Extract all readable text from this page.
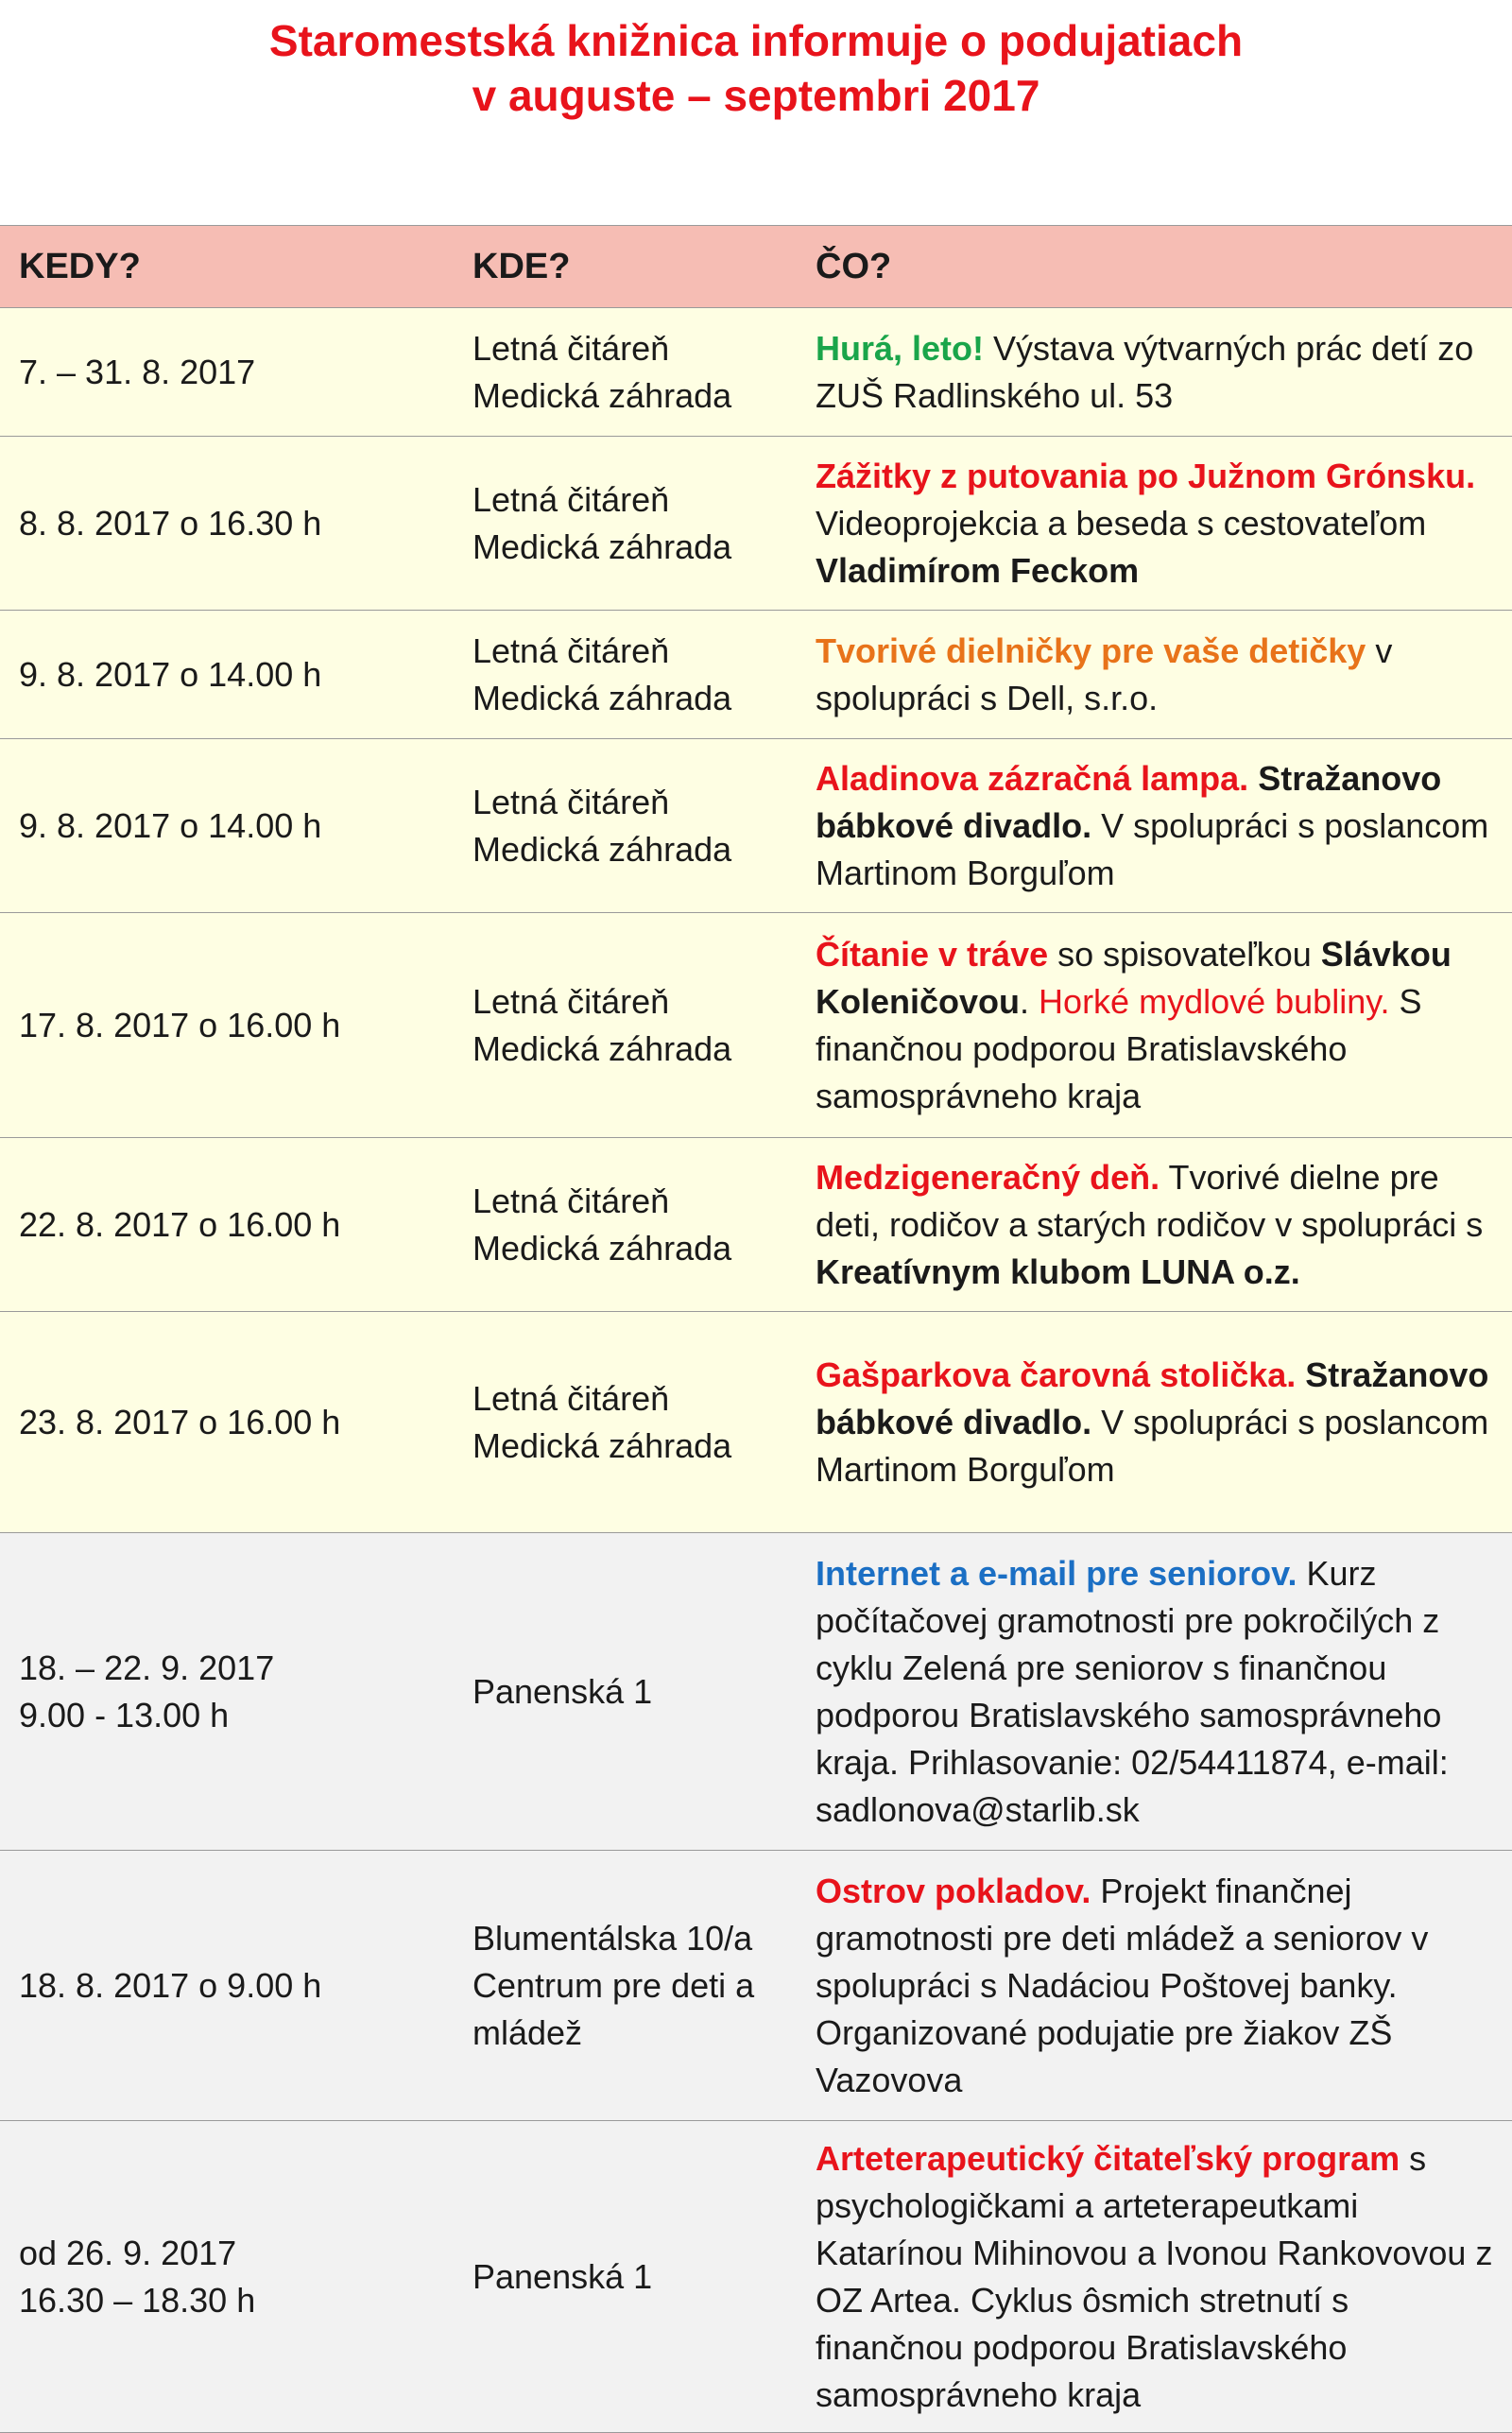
Staromestská knižnica informuje o podujatiach
v auguste – septembri 2017
KEDY?	KDE?	ČO?

7. – 31. 8. 2017	Letná čitáreň
Medická záhrada	Hurá, leto! Výstava výtvarných prác detí zo ZUŠ Radlinského ul. 53

8. 8. 2017 o 16.30 h	Letná čitáreň
Medická záhrada	Zážitky z putovania po Južnom Grónsku. Videoprojekcia a beseda s cestovateľom Vladimírom Feckom

9. 8. 2017 o 14.00 h	Letná čitáreň
Medická záhrada	Tvorivé dielničky pre vaše detičky v spolupráci s Dell, s.r.o.

9. 8. 2017 o 14.00 h	Letná čitáreň
Medická záhrada	Aladinova zázračná lampa. Stražanovo bábkové divadlo. V spolupráci s poslancom Martinom Borguľom

17. 8. 2017 o 16.00 h	Letná čitáreň
Medická záhrada	Čítanie v tráve so spisovateľkou Slávkou Koleničovou. Horké mydlové bubliny. S finančnou podporou Bratislavského samosprávneho kraja

22. 8. 2017 o 16.00 h	Letná čitáreň
Medická záhrada	Medzigeneračný deň. Tvorivé dielne pre deti, rodičov a starých rodičov v spolupráci s Kreatívnym klubom LUNA o.z.

23. 8. 2017 o 16.00 h	Letná čitáreň
Medická záhrada	Gašparkova čarovná stolička. Stražanovo bábkové divadlo. V spolupráci s poslancom Martinom Borguľom

18. – 22. 9. 2017
9.00 - 13.00 h	Panenská 1	Internet a e-mail pre seniorov. Kurz počítačovej gramotnosti pre pokročilých z cyklu Zelená pre seniorov s finančnou podporou Bratislavského samosprávneho kraja. Prihlasovanie: 02/54411874, e-mail: sadlonova@starlib.sk

18. 8. 2017 o 9.00 h	Blumentálska 10/a
Centrum pre deti a
mládež	Ostrov pokladov. Projekt finančnej gramotnosti pre deti mládež a seniorov v spolupráci s Nadáciou Poštovej banky. Organizované podujatie pre žiakov ZŠ Vazovova

od 26. 9. 2017
16.30 – 18.30 h	Panenská 1	Arteterapeutický čitateľský program s psychologičkami a arteterapeutkami Katarínou Mihinovou a Ivonou Rankovovou z OZ Artea. Cyklus ôsmich stretnutí s finančnou podporou Bratislavského samosprávneho kraja
